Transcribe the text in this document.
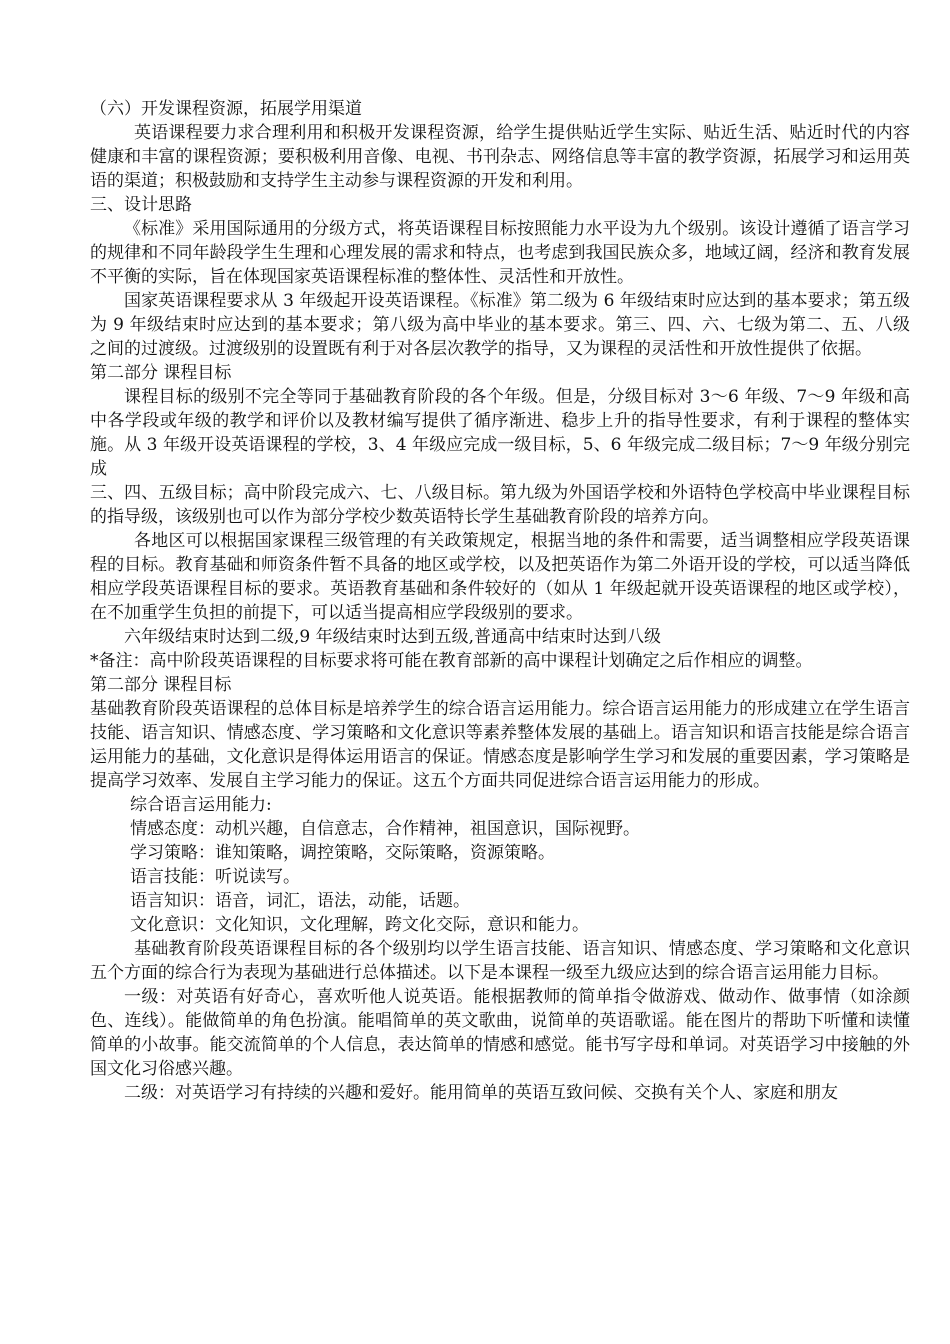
（六）开发课程资源，拓展学用渠道

英语课程要力求合理利用和积极开发课程资源，给学生提供贴近学生实际、贴近生活、贴近时代的内容健康和丰富的课程资源；要积极利用音像、电视、书刊杂志、网络信息等丰富的教学资源，拓展学习和运用英语的渠道；积极鼓励和支持学生主动参与课程资源的开发和利用。

三、设计思路

《标准》采用国际通用的分级方式，将英语课程目标按照能力水平设为九个级别。该设计遵循了语言学习的规律和不同年龄段学生生理和心理发展的需求和特点，也考虑到我国民族众多，地域辽阔，经济和教育发展不平衡的实际，旨在体现国家英语课程标准的整体性、灵活性和开放性。

国家英语课程要求从 3 年级起开设英语课程。《标准》第二级为 6 年级结束时应达到的基本要求；第五级为 9 年级结束时应达到的基本要求；第八级为高中毕业的基本要求。第三、四、六、七级为第二、五、八级之间的过渡级。过渡级别的设置既有利于对各层次教学的指导，又为课程的灵活性和开放性提供了依据。

第二部分 课程目标

课程目标的级别不完全等同于基础教育阶段的各个年级。但是，分级目标对 3～6 年级、7～9 年级和高中各学段或年级的教学和评价以及教材编写提供了循序渐进、稳步上升的指导性要求，有利于课程的整体实施。从 3 年级开设英语课程的学校，3、4 年级应完成一级目标，5、6 年级完成二级目标；7～9 年级分别完成

三、四、五级目标；高中阶段完成六、七、八级目标。第九级为外国语学校和外语特色学校高中毕业课程目标的指导级，该级别也可以作为部分学校少数英语特长学生基础教育阶段的培养方向。

各地区可以根据国家课程三级管理的有关政策规定，根据当地的条件和需要，适当调整相应学段英语课程的目标。教育基础和师资条件暂不具备的地区或学校，以及把英语作为第二外语开设的学校，可以适当降低相应学段英语课程目标的要求。英语教育基础和条件较好的（如从 1 年级起就开设英语课程的地区或学校），在不加重学生负担的前提下，可以适当提高相应学段级别的要求。

六年级结束时达到二级,9 年级结束时达到五级,普通高中结束时达到八级

*备注：高中阶段英语课程的目标要求将可能在教育部新的高中课程计划确定之后作相应的调整。

第二部分 课程目标

基础教育阶段英语课程的总体目标是培养学生的综合语言运用能力。综合语言运用能力的形成建立在学生语言技能、语言知识、情感态度、学习策略和文化意识等素养整体发展的基础上。语言知识和语言技能是综合语言运用能力的基础，文化意识是得体运用语言的保证。情感态度是影响学生学习和发展的重要因素，学习策略是提高学习效率、发展自主学习能力的保证。这五个方面共同促进综合语言运用能力的形成。

综合语言运用能力:

情感态度：动机兴趣，自信意志，合作精神，祖国意识，国际视野。

学习策略：谁知策略，调控策略，交际策略，资源策略。

语言技能：听说读写。

语言知识：语音，词汇，语法，动能，话题。

文化意识：文化知识，文化理解，跨文化交际，意识和能力。

基础教育阶段英语课程目标的各个级别均以学生语言技能、语言知识、情感态度、学习策略和文化意识五个方面的综合行为表现为基础进行总体描述。以下是本课程一级至九级应达到的综合语言运用能力目标。

一级：对英语有好奇心，喜欢听他人说英语。能根据教师的简单指令做游戏、做动作、做事情（如涂颜色、连线）。能做简单的角色扮演。能唱简单的英文歌曲，说简单的英语歌谣。能在图片的帮助下听懂和读懂简单的小故事。能交流简单的个人信息，表达简单的情感和感觉。能书写字母和单词。对英语学习中接触的外国文化习俗感兴趣。

二级：对英语学习有持续的兴趣和爱好。能用简单的英语互致问候、交换有关个人、家庭和朋友
